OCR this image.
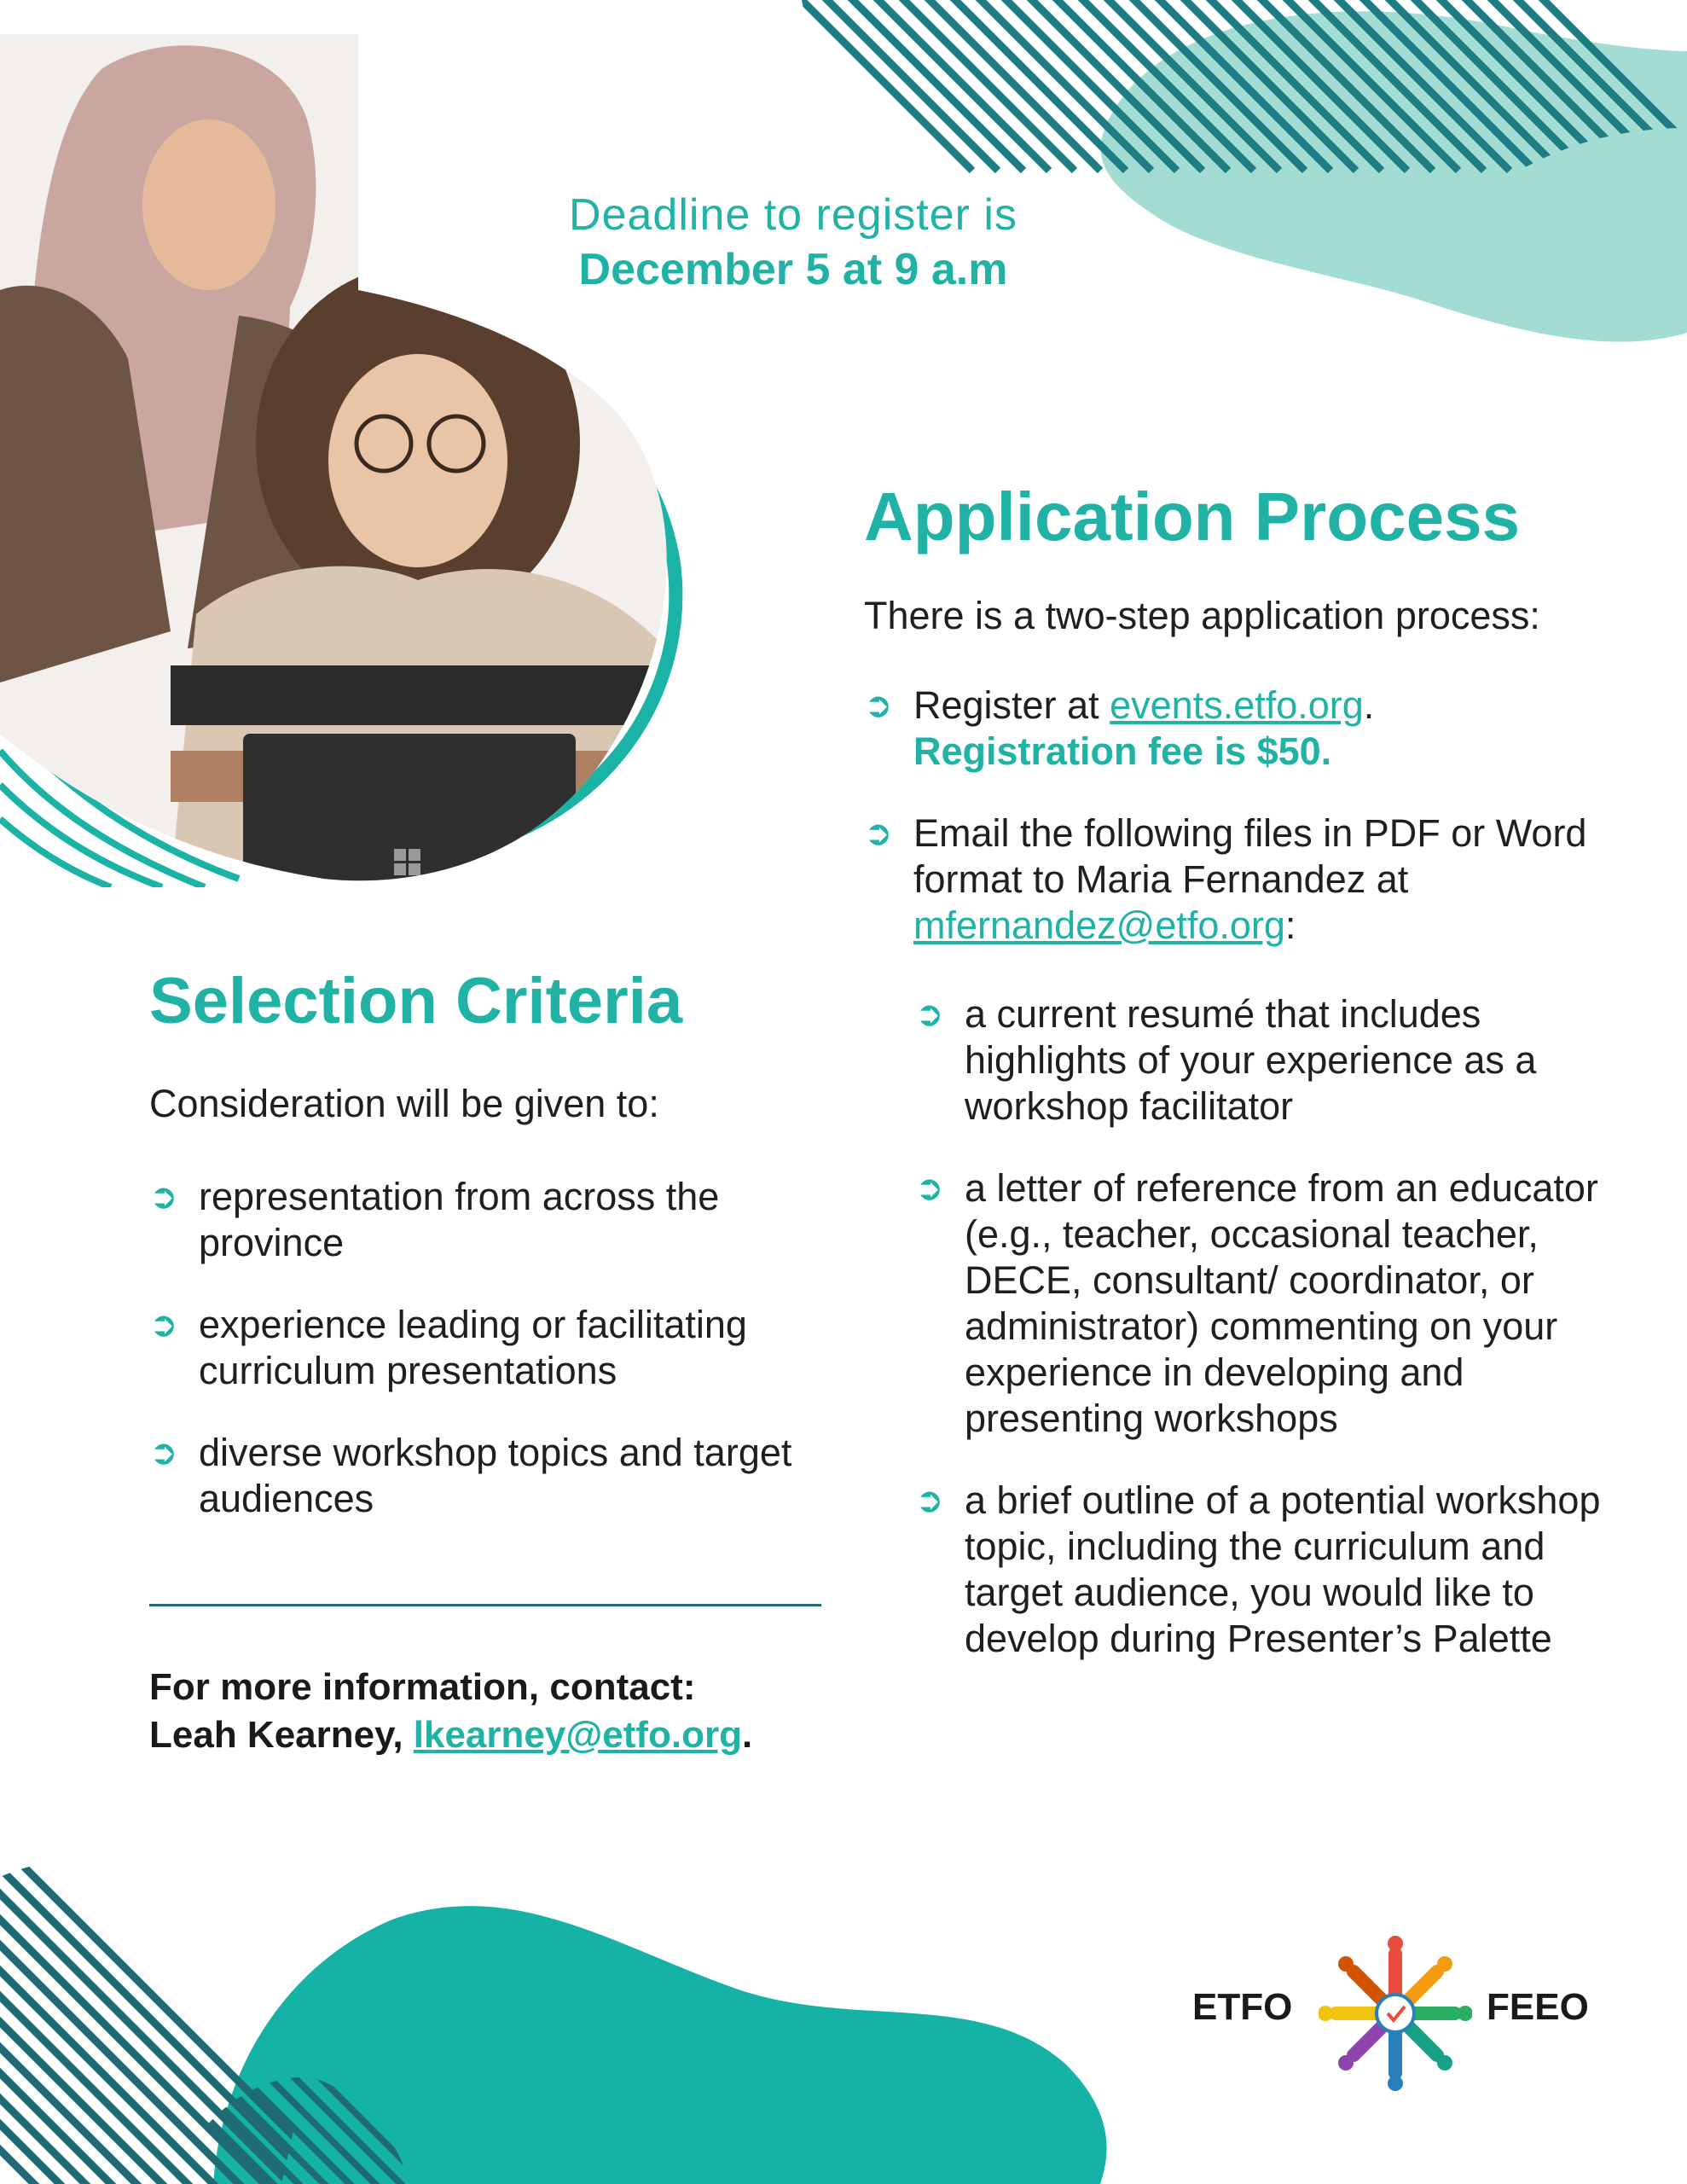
Deadline to register is
December 5 at 9 a.m
Application Process

There is a two-step application process:

➲ Register at events.etfo.org.
Registration fee is $50.
➲ Email the following files in PDF or Word format to Maria Fernandez at mfernandez@etfo.org:
➲ a current resumé that includes highlights of your experience as a workshop facilitator
➲ a letter of reference from an educator (e.g., teacher, occasional teacher, DECE, consultant/ coordinator, or administrator) commenting on your experience in developing and presenting workshops
➲ a brief outline of a potential workshop topic, including the curriculum and target audience, you would like to develop during Presenter’s Palette
Selection Criteria

Consideration will be given to:

➲ representation from across the province
➲ experience leading or facilitating curriculum presentations
➲ diverse workshop topics and target audiences
For more information, contact:
Leah Kearney, lkearney@etfo.org.
ETFO	FEEO
